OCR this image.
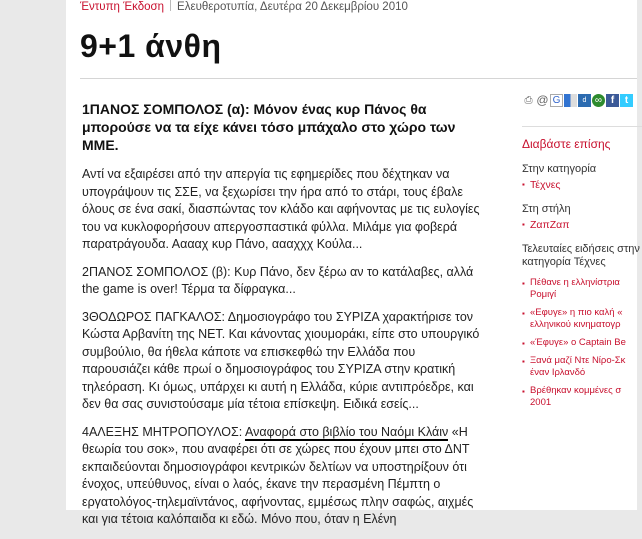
Έντυπη Έκδοση Ελευθεροτυπία, Δευτέρα 20 Δεκεμβρίου 2010
9+1 άνθη
1ΠΑΝΟΣ ΣΟΜΠΟΛΟΣ (α): Μόνον ένας κυρ Πάνος θα μπορούσε να τα είχε κάνει τόσο μπάχαλο στο χώρο των ΜΜΕ.

Αντί να εξαιρέσει από την απεργία τις εφημερίδες που δέχτηκαν να υπογράψουν τις ΣΣΕ, να ξεχωρίσει την ήρα από το στάρι, τους έβαλε όλους σε ένα σακί, διασπώντας τον κλάδο και αφήνοντας με τις ευλογίες του να κυκλοφορήσουν απεργοσπαστικά φύλλα. Μιλάμε για φοβερά παρατράγουδα. Ααααχ κυρ Πάνο, αααχχχ Κούλα...

2ΠΑΝΟΣ ΣΟΜΠΟΛΟΣ (β): Κυρ Πάνο, δεν ξέρω αν το κατάλαβες, αλλά the game is over! Τέρμα τα δίφραγκα...

3ΘΟΔΩΡΟΣ ΠΑΓΚΑΛΟΣ: Δημοσιογράφο του ΣΥΡΙΖΑ χαρακτήρισε τον Κώστα Αρβανίτη της ΝΕΤ. Και κάνοντας χιουμοράκι, είπε στο υπουργικό συμβούλιο, θα ήθελα κάποτε να επισκεφθώ την Ελλάδα που παρουσιάζει κάθε πρωί ο δημοσιογράφος του ΣΥΡΙΖΑ στην κρατική τηλεόραση. Κι όμως, υπάρχει κι αυτή η Ελλάδα, κύριε αντιπρόεδρε, και δεν θα σας συνιστούσαμε μία τέτοια επίσκεψη. Ειδικά εσείς...

4ΑΛΕΞΗΣ ΜΗΤΡΟΠΟΥΛΟΣ: Αναφορά στο βιβλίο του Ναόμι Κλάιν «Η θεωρία του σοκ», που αναφέρει ότι σε χώρες που έχουν μπει στο ΔΝΤ εκπαιδεύονται δημοσιογράφοι κεντρικών δελτίων να υποστηρίξουν ότι ένοχος, υπεύθυνος, είναι ο λαός, έκανε την περασμένη Πέμπτη ο εργατολόγος-τηλεμαϊντάνος, αφήνοντας, εμμέσως πλην σαφώς, αιχμές και για τέτοια καλόπαιδα κι εδώ. Μόνο που, όταν η Ελένη

⎙ @ G	d ∞ f t
Διαβάστε επίσης
Στην κατηγορία
▪ Τέχνες
Στη στήλη
▪ ΖαπΖαπ
Τελευταίες ειδήσεις στην κατηγορία Τέχνες
▪ Πέθανε η ελληνίστρια
Ρομιγί
▪ «Εφυγε» η πιο καλή «
ελληνικού κινηματογρ
▪ «Έφυγε» ο Captain Be
▪ Ξανά μαζί Ντε Νίρο-Σκ
έναν Ιρλανδό
▪ Βρέθηκαν κομμένες σ
2001
